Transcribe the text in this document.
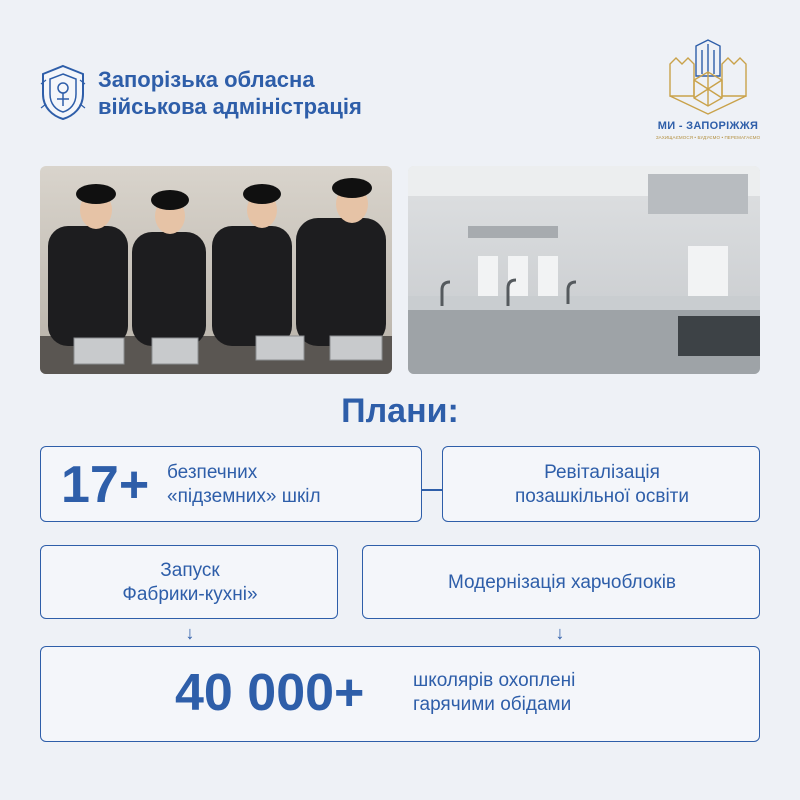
Запорізька обласна
військова адміністрація
МИ - ЗАПОРІЖЖЯ
ЗАХИЩАЄМОСЯ • БУДУЄМО • ПЕРЕМАГАЄМО
Плани:
17+ безпечних
«підземних» шкіл
Ревіталізація
позашкільної освіти
Запуск
Фабрики-кухні»
Модернізація харчоблоків
↓	↓
40 000+	школярів охоплені
гарячими обідами
